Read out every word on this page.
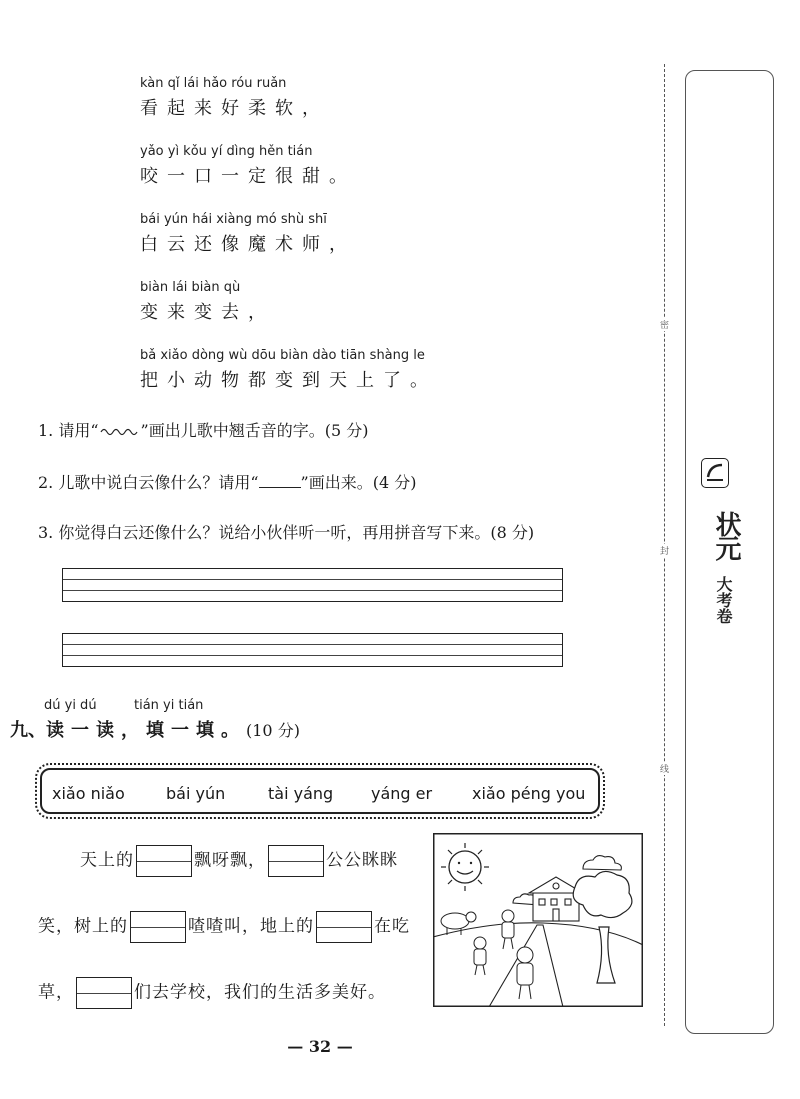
kàn qǐ lái hǎo róu ruǎn
看起来好柔软，
yǎo yì kǒu yí dìng hěn tián
咬一口一定很甜。
bái yún hái xiàng mó shù shī
白云还像魔术师，
biàn lái biàn qù
变来变去，
bǎ xiǎo dòng wù dōu biàn dào tiān shàng le
把小动物都变到天上了。
1. 请用“	”画出儿歌中翘舌音的字。(5 分)
2. 儿歌中说白云像什么？请用“	”画出来。(4 分)
3. 你觉得白云还像什么？说给小伙伴听一听，再用拼音写下来。(8 分)
dú yi dú	tián yi tián
九、读一读，填一填。(10 分)
xiǎo niǎo	bái yún	tài yáng yáng er xiǎo péng you
天上的	飘呀飘，	公公眯眯
笑，树上的	喳喳叫，地上的	在吃
草，	们去学校，我们的生活多美好。
— 32 —
密
封
线
状元
大考卷
